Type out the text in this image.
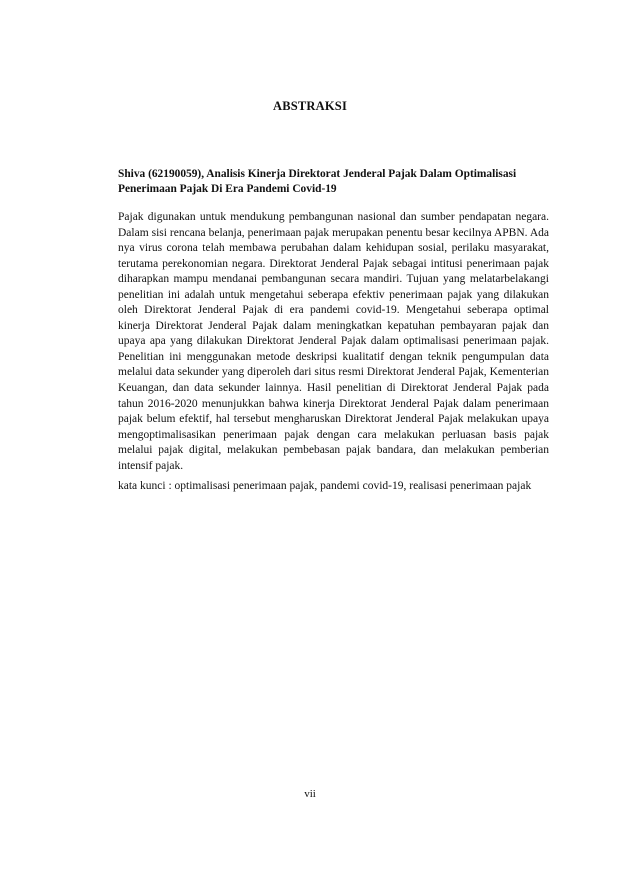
ABSTRAKSI

Shiva (62190059), Analisis Kinerja Direktorat Jenderal Pajak Dalam Optimalisasi Penerimaan Pajak Di Era Pandemi Covid-19

Pajak digunakan untuk mendukung pembangunan nasional dan sumber pendapatan negara. Dalam sisi rencana belanja, penerimaan pajak merupakan penentu besar kecilnya APBN. Ada nya virus corona telah membawa perubahan dalam kehidupan sosial, perilaku masyarakat, terutama perekonomian negara. Direktorat Jenderal Pajak sebagai intitusi penerimaan pajak diharapkan mampu mendanai pembangunan secara mandiri. Tujuan yang melatarbelakangi penelitian ini adalah untuk mengetahui seberapa efektiv penerimaan pajak yang dilakukan oleh Direktorat Jenderal Pajak di era pandemi covid-19. Mengetahui seberapa optimal kinerja Direktorat Jenderal Pajak dalam meningkatkan kepatuhan pembayaran pajak dan upaya apa yang dilakukan Direktorat Jenderal Pajak dalam optimalisasi penerimaan pajak. Penelitian ini menggunakan metode deskripsi kualitatif dengan teknik pengumpulan data melalui data sekunder yang diperoleh dari situs resmi Direktorat Jenderal Pajak, Kementerian Keuangan, dan data sekunder lainnya. Hasil penelitian di Direktorat Jenderal Pajak pada tahun 2016-2020 menunjukkan bahwa kinerja Direktorat Jenderal Pajak dalam penerimaan pajak belum efektif, hal tersebut mengharuskan Direktorat Jenderal Pajak melakukan upaya mengoptimalisasikan penerimaan pajak dengan cara melakukan perluasan basis pajak melalui pajak digital, melakukan pembebasan pajak bandara, dan melakukan pemberian intensif pajak.

kata kunci : optimalisasi penerimaan pajak, pandemi covid-19, realisasi penerimaan pajak

vii
